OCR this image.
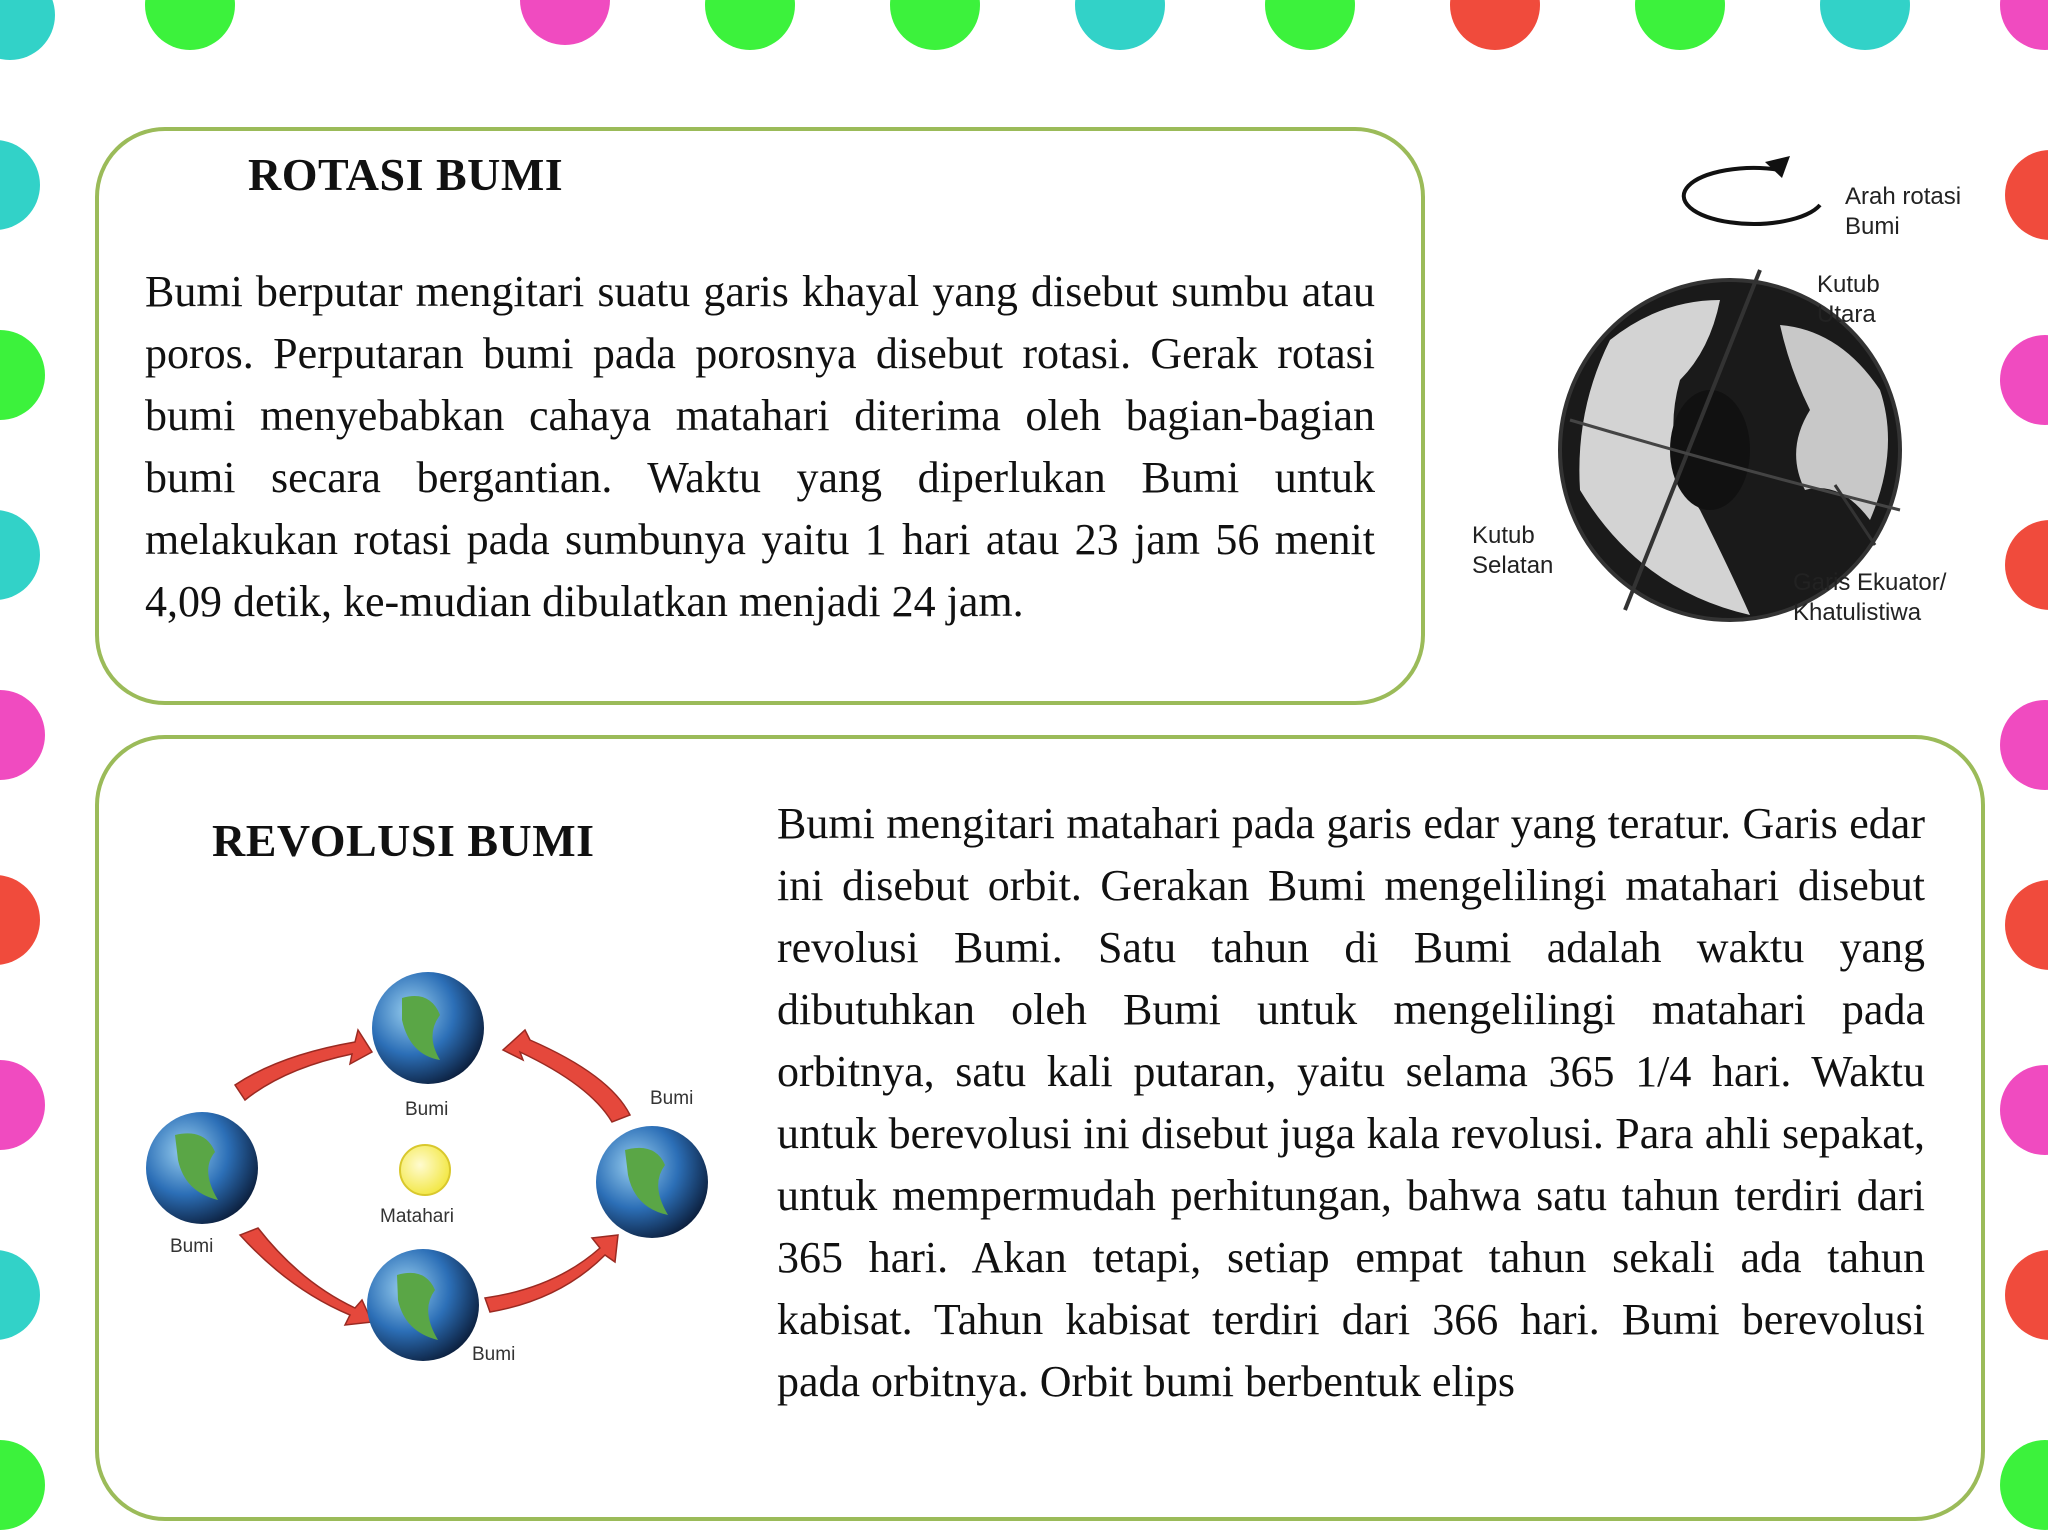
ROTASI BUMI

Bumi berputar mengitari suatu garis khayal yang disebut sumbu atau poros. Perputaran bumi pada porosnya disebut rotasi. Gerak rotasi bumi menyebabkan cahaya matahari diterima oleh bagian-bagian bumi secara bergantian. Waktu yang diperlukan Bumi untuk melakukan rotasi pada sumbunya yaitu 1 hari atau 23 jam 56 menit 4,09 detik, ke-mudian dibulatkan menjadi 24 jam.

Arah rotasi
Bumi
Kutub
Utara
Kutub
Selatan
Garis Ekuator/
Khatulistiwa
REVOLUSI BUMI	Bumi mengitari matahari pada garis edar yang teratur. Garis edar ini disebut orbit. Gerakan Bumi mengelilingi matahari disebut revolusi Bumi. Satu tahun di Bumi adalah waktu yang dibutuhkan oleh Bumi untuk mengelilingi matahari pada orbitnya, satu kali putaran, yaitu selama 365 1/4 hari. Waktu untuk berevolusi ini disebut juga kala revolusi. Para ahli sepakat, untuk mempermudah perhitungan, bahwa satu tahun terdiri dari 365 hari. Akan tetapi, setiap empat tahun sekali ada tahun kabisat. Tahun kabisat terdiri dari 366 hari. Bumi berevolusi pada orbitnya. Orbit bumi berbentuk elips

Bumi
Bumi
Bumi
Bumi
Matahari
